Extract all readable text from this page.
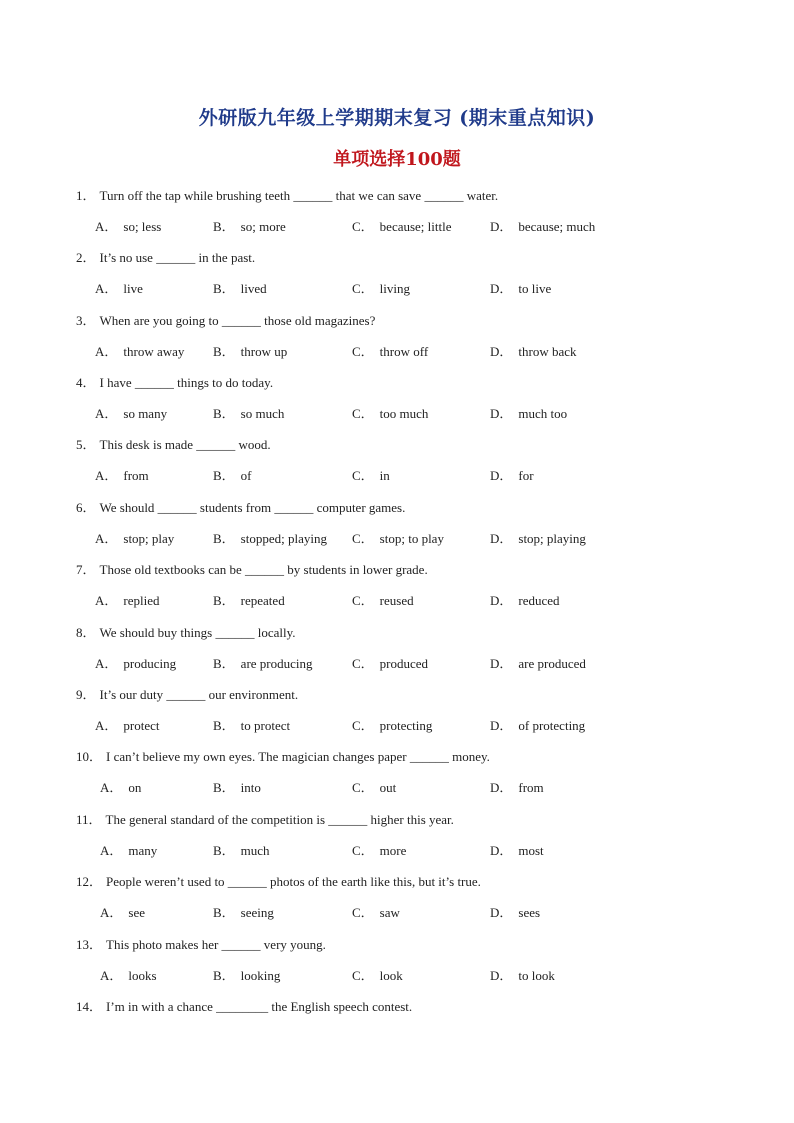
外研版九年级上学期期末复习 (期末重点知识)
单项选择100题
1． Turn off the tap while brushing teeth ______ that we can save ______ water.
A． so; less	B． so; more	C． because; little	D． because; much
2． It’s no use ______ in the past.
A． live	B． lived	C． living	D． to live
3． When are you going to ______ those old magazines?
A． throw away B． throw up	C． throw off	D． throw back
4． I have ______ things to do today.
A． so many	B． so much	C． too much	D． much too
5． This desk is made ______ wood.
A． from	B． of	C． in	D． for
6． We should ______ students from ______ computer games.
A． stop; play	B． stopped; playing C． stop; to play	D． stop; playing
7． Those old textbooks can be ______ by students in lower grade.
A． replied	B． repeated	C． reused	D． reduced
8． We should buy things ______ locally.
A． producing	B． are producing	C． produced	D． are produced
9． It’s our duty ______ our environment.
A． protect	B． to protect	C． protecting	D． of protecting
10． I can’t believe my own eyes. The magician changes paper ______ money.
A． on	B． into	C． out	D． from
11． The general standard of the competition is ______ higher this year.
A． many	B． much	C． more	D． most
12． People weren’t used to ______ photos of the earth like this, but it’s true.
A． see	B． seeing	C． saw	D． sees
13． This photo makes her ______ very young.
A． looks	B． looking	C． look	D． to look
14． I’m in with a chance ________ the English speech contest.
